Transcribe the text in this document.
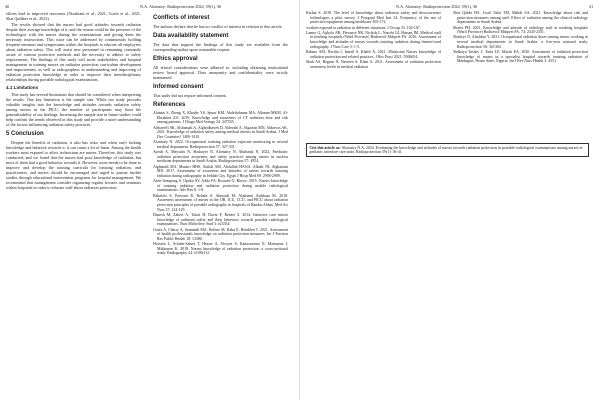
40	N.A. Alomairy: Radioprotection 2024, 59(1), 36

efforts lead to improved outcomes (Alzahrani et al., 2021; Gosfa et al., 2021; Shai Quthber et al., 2022).

The results showed that the nurses had good attitudes towards radiation despite their average knowledge of it, and the reason could be the presence of the technologist with the nurses during the examinations and giving them the necessary instructions. This issue can be addressed by continuously holding frequent seminars and symposiums within the hospitals to educate all employees about radiation safety. This will assist new personnel in remaining constantly aware of various protective methods and the necessity to adhere to safety requirements. The findings of this study will assist stakeholders and hospital management in training nurses on radiation protection curriculum development and improvement, as well as radiographers in understanding and improving of radiation protection knowledge in order to improve their interdisciplinary relationships during portable radiological examinations.

4.1 Limitations

This study has several limitations that should be considered when interpreting the results. One key limitation is the sample size. While our study provides valuable insights into the knowledge and attitudes towards radiation safety among nurses in the PICU, the number of participants may limit the generalizability of our findings. Increasing the sample size in future studies could help confirm the trends observed in this study and provide a more understanding of the factors influencing radiation safety practices.

5 Conclusion

Despite the benefits of radiation, it also has risks, and when one's lacking knowledge and behavior towards it, it can cause a lot of harm. Among the health workers most exposed to affect technicians are nurses. Therefore, this study was conducted, and we found that the nurses had poor knowledge of radiation, but most of them had a good behavior towards it. However, more needs to be done to improve and develop the training curricula for ionizing radiation, and practitioners, and nurses should be encouraged and urged to pursue further studies through educational intervention programs for hospital management. We recommend that management consider organizing regular lectures and seminars within hospitals in order to educate staff about radiation protection.

Conflicts of interest

The authors declare that he has no conflict of interest in relation to this article.

Data availability statement

The data that support the findings of this study are available from the corresponding author upon reasonable request.

Ethics approval

All ethical considerations were adhered to, including obtaining institutional review board approval. Data anonymity and confidentiality were strictly maintained.

Informed consent

This study did not require informed consent.

References
Alanazi S, Zheng X, Khader YS, Spuur KM, Abdelrahman MA, Albaum MKM, Al-Ebrahimi ZA. 2019. Knowledge and awareness of CT radiation dose and risk among patients. J Diagn Med Sonogr 34: 347355.
Alshareffi SK, Alshamali A, Alghodhayeb D, Alderahi A, Algarfan MN, Aldarwis AK. 2021. Knowledge of radiation safety among medical interns in Saudi Arabia. J Med Dev Countries? 1400-1410.
Alomairy N. 2022. Occupational ionizing radiation exposure monitoring in several medical department. Radioprotection 57: 327-331.
Ayoub A, Maysalis N, Shuhayer N, Alomairy N, Abubasik N. 2022. Paediatric radiation protection awareness and safety practices among nurses in nuclear medicine departments in Saudi Arabia. Radioprotection 57: 4954.
Alghamdi MA, Mutairi HHS, Alahdi AM, Abdullah HANA, Alkadi NI, Alghaitani MN. 2017. Assessment of awareness and attitudes of nurses towards ionizing radiation during radiography in Jeddah City. Egypt J Hosp Med 69: 2906-2909.
Azeir-Sampong S, Opoku SY, Addo PA, Bosiaed O, Botwe. 2015. Nurses knowledge of ionizing radiation and radiation protection during mobile radiological examinations. Adv Res 6: 1-8.
Babalola S, Parwani R, Rehabi S, Almoadi M, Alqhamri Asikkam M. 2018. Awareness assessment of nurses in the OR, ICU, CCU, and PICU about radiation protection principles of portable radiography in hospitals of Bandar Abbas. Med Sci Nurs 37: 124-129.
Danesh M, Zaheri A, Tafari H, Daviz F, Rezaei S. 2014. Intensive care nurses knowledge of radiation safety and their behaviors towards portable radiological examinations. Nurs Midwifery Stud 3: e23354.
Gosfa A, Cherry A, Stamatah MA, Kefene M, Kabu E, Befaklen T. 2021. Assessment of health professionals knowledge on radiation protection measures. Int J Environ Res Public Health 18: 13380.
Hossein L, Schabe-Saben T, Hesser A, Alsoyer S, Kamirazema N, Mamayun J, Mikkonen K. 2018. Nurses knowledge of radiation protection: a cross-sectional study. Radiography 24: e108e112.
N.A. Alomairy: Radioprotection 2024, 59(1), 36	41
Karkat S. 2018. The level of knowledge about radiation safety and theoccurrence technologies a pilot survey. J Postgrad Med Inst 32: Frequency of the use of protective equipment among healthcare 105-172.
workers exposed to radiation in different situations. J Occup 33: 102-107.
Lamro G, Ajikolo AR, Flevance NB, Nichols L, Nnorhi GI, Hassan IM. Medical staff in teaching hospitals (Ward Province) Radioecol Mdqwei FA. 2016. Assessment of knowledge and attitudes of nurses towards ionizing radiation during theatre/ward radiography. J Nurs Care 5: 1-5.
Rahma AM, Nordin I, Ismail S, Khalil A. 2021. Malaysian Nurses knowledge of radiation protection and related practices. J Res Pract 2021: 5566654.
Shah AS, Begum N, Nasreen S, Khan A. 2011. Assessment of radiation protection awareness levels in medical radiation
Shai Qubbi HA, Jwad Tahir TM, Mahdi SA. 2021. Knowledge about risk and protection measures among staff. Effect of radiation among the clinical radiology departments in Saudi Arabia.
Shafer PH. 2021. Knowledge and attitude of radiology staff in teaching hospitals (Ward Province) Radioecol Mdqwei FA. 74: 2345-2351.
Shuheyr N, Alashbar Y. 2021. Occupational radiation doses among nurses working in several medical departments in Saudi Arabia: a five-year national study. Radioprotection 56: 301304.
Yudhaya Tashey J, Tarfa LF, Marah EA. 2020. Assessment of radiation protection knowledge of nurses in a specialist hospital towards ionizing radiation of Maiduguri, Borno State, Nigeria. Int J Rev Nurs Health 3: 4551.
Cite this article as: Alomairy N.A. 2024. Evaluating the knowledge and attitudes of nurses towards radiation protection in portable radiological examinations among nurses in pediatric intensive care units. Radioprotection 59(1): 36-41
